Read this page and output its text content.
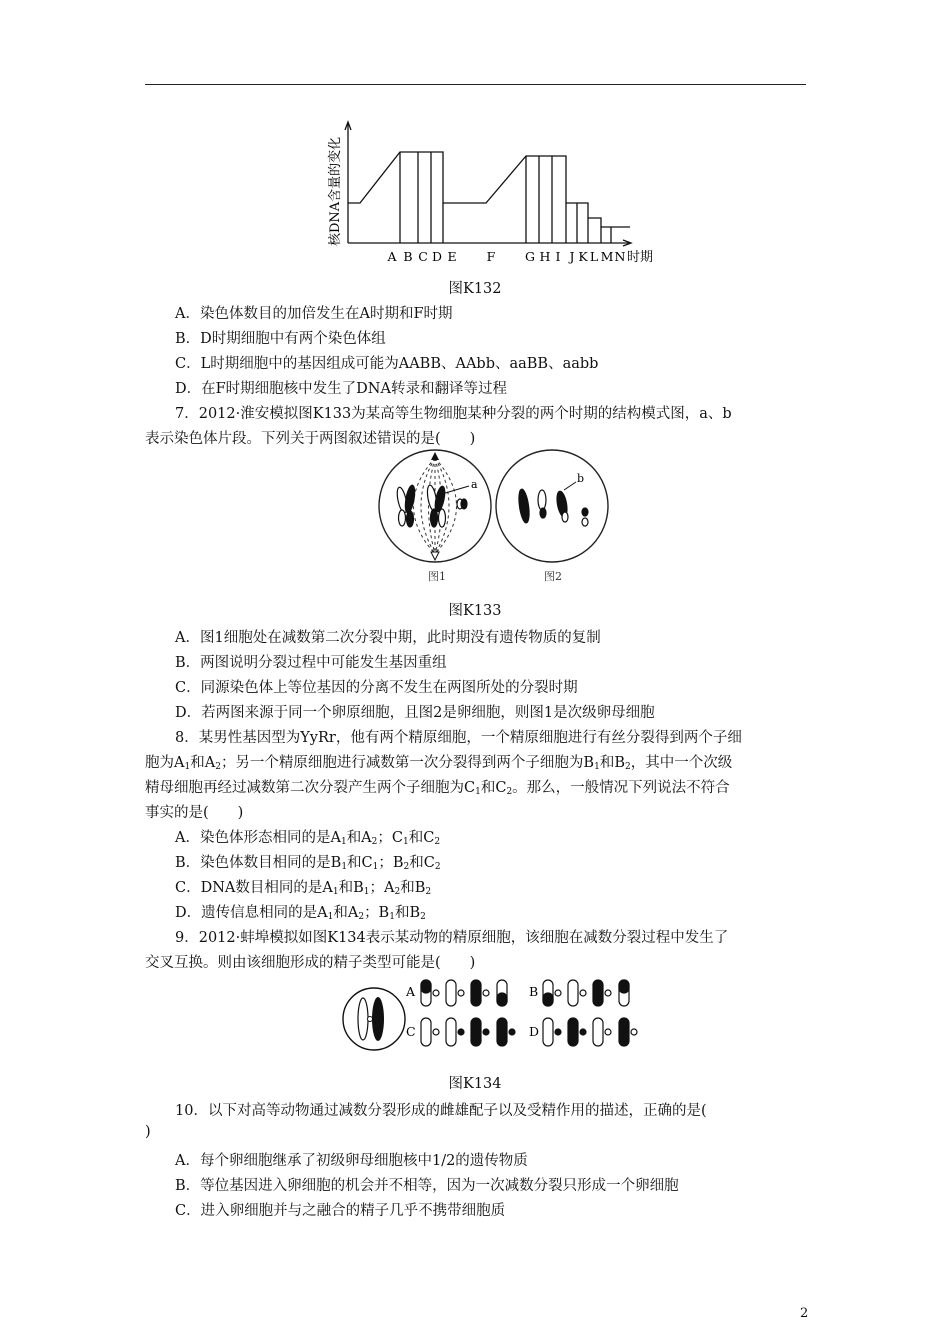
核DNA含量的变化
A B C D E F G H I J K L M N 时期
图K132
A．染色体数目的加倍发生在A时期和F时期
B．D时期细胞中有两个染色体组
C．L时期细胞中的基因组成可能为AABB、AAbb、aaBB、aabb
D．在F时期细胞核中发生了DNA转录和翻译等过程
7．2012·淮安模拟图K133为某高等生物细胞某种分裂的两个时期的结构模式图，a、b
表示染色体片段。下列关于两图叙述错误的是(　　)
a	b
图1	图2
图K133
A．图1细胞处在减数第二次分裂中期，此时期没有遗传物质的复制
B．两图说明分裂过程中可能发生基因重组
C．同源染色体上等位基因的分离不发生在两图所处的分裂时期
D．若两图来源于同一个卵原细胞，且图2是卵细胞，则图1是次级卵母细胞
8．某男性基因型为YyRr，他有两个精原细胞，一个精原细胞进行有丝分裂得到两个子细
胞为$A_1$和$A_2$；另一个精原细胞进行减数第一次分裂得到两个子细胞为$B_1$和$B_2$，其中一个次级
精母细胞再经过减数第二次分裂产生两个子细胞为$C_1$和$C_2$。那么，一般情况下列说法不符合
事实的是(　　)
A．染色体形态相同的是$A_1$和$A_2$；$C_1$和$C_2$
B．染色体数目相同的是$B_1$和$C_1$；$B_2$和$C_2$
C．DNA数目相同的是$A_1$和$B_1$；$A_2$和$B_2$
D．遗传信息相同的是$A_1$和$A_2$；$B_1$和$B_2$
9．2012·蚌埠模拟如图K134表示某动物的精原细胞，该细胞在减数分裂过程中发生了
交叉互换。则由该细胞形成的精子类型可能是(　　)
A	B
C	D
图K134
10．以下对高等动物通过减数分裂形成的雌雄配子以及受精作用的描述，正确的是(
)
A．每个卵细胞继承了初级卵母细胞核中1/2的遗传物质
B．等位基因进入卵细胞的机会并不相等，因为一次减数分裂只形成一个卵细胞
C．进入卵细胞并与之融合的精子几乎不携带细胞质
2
